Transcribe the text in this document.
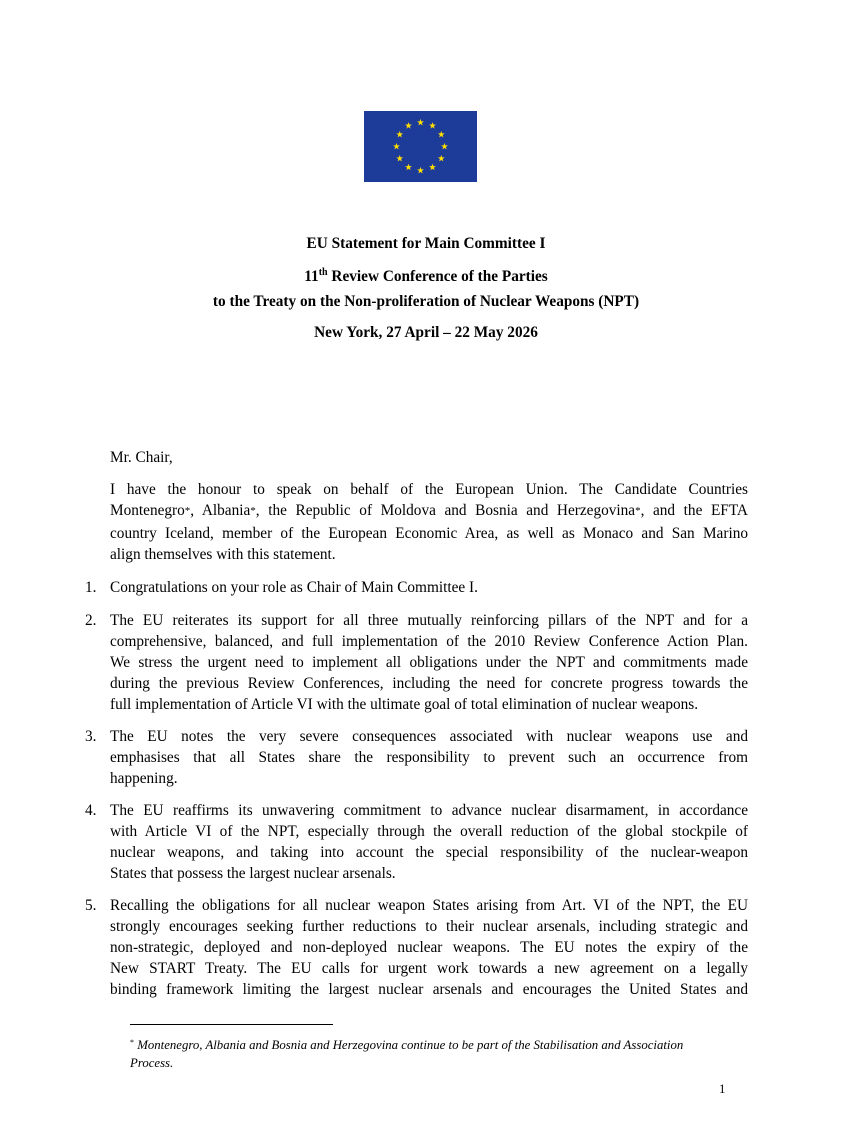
EU Statement for Main Committee I
11th Review Conference of the Parties
to the Treaty on the Non-proliferation of Nuclear Weapons (NPT)
New York, 27 April – 22 May 2026
Mr. Chair,
I have the honour to speak on behalf of the European Union. The Candidate Countries
Montenegro*, Albania*, the Republic of Moldova and Bosnia and Herzegovina*, and the EFTA
country Iceland, member of the European Economic Area, as well as Monaco and San Marino
align themselves with this statement.
1. Congratulations on your role as Chair of Main Committee I.
2. The EU reiterates its support for all three mutually reinforcing pillars of the NPT and for a
comprehensive, balanced, and full implementation of the 2010 Review Conference Action Plan.
We stress the urgent need to implement all obligations under the NPT and commitments made
during the previous Review Conferences, including the need for concrete progress towards the
full implementation of Article VI with the ultimate goal of total elimination of nuclear weapons.
3. The EU notes the very severe consequences associated with nuclear weapons use and
emphasises that all States share the responsibility to prevent such an occurrence from
happening.
4. The EU reaffirms its unwavering commitment to advance nuclear disarmament, in accordance
with Article VI of the NPT, especially through the overall reduction of the global stockpile of
nuclear weapons, and taking into account the special responsibility of the nuclear-weapon
States that possess the largest nuclear arsenals.
5. Recalling the obligations for all nuclear weapon States arising from Art. VI of the NPT, the EU
strongly encourages seeking further reductions to their nuclear arsenals, including strategic and
non-strategic, deployed and non-deployed nuclear weapons. The EU notes the expiry of the
New START Treaty. The EU calls for urgent work towards a new agreement on a legally
binding framework limiting the largest nuclear arsenals and encourages the United States and
* Montenegro, Albania and Bosnia and Herzegovina continue to be part of the Stabilisation and Association
Process.
1
